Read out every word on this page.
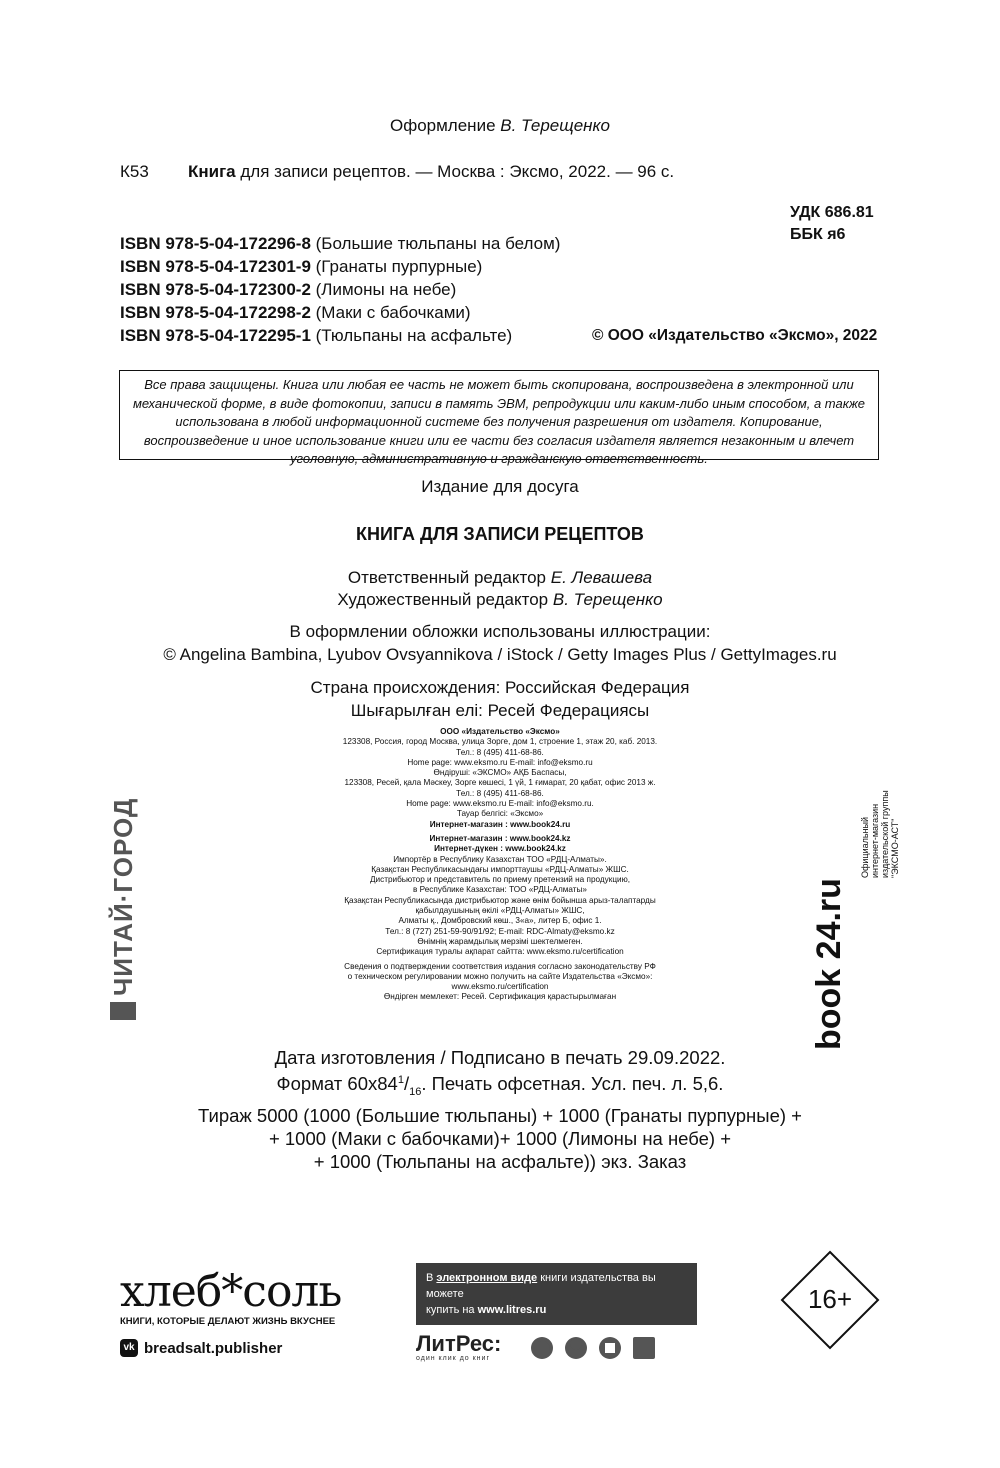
Оформление В. Терещенко
К53 Книга для записи рецептов. — Москва : Эксмо, 2022. — 96 с.
УДК 686.81
ББК я6
ISBN 978-5-04-172296-8 (Большие тюльпаны на белом)
ISBN 978-5-04-172301-9 (Гранаты пурпурные)
ISBN 978-5-04-172300-2 (Лимоны на небе)
ISBN 978-5-04-172298-2 (Маки с бабочками)
ISBN 978-5-04-172295-1 (Тюльпаны на асфальте)	© ООО «Издательство «Эксмо», 2022
Все права защищены. Книга или любая ее часть не может быть скопирована, воспроизведена в электронной или механической форме, в виде фотокопии, записи в память ЭВМ, репродукции или каким-либо иным способом, а также использована в любой информационной системе без получения разрешения от издателя. Копирование, воспроизведение и иное использование книги или ее части без согласия издателя является незаконным и влечет уголовную, административную и гражданскую ответственность.
Издание для досуга
КНИГА ДЛЯ ЗАПИСИ РЕЦЕПТОВ
Ответственный редактор Е. Левашева
Художественный редактор В. Терещенко
В оформлении обложки использованы иллюстрации:
© Angelina Bambina, Lyubov Ovsyannikova / iStock / Getty Images Plus / GettyImages.ru
Страна происхождения: Российская Федерация
Шығарылған елі: Ресей Федерациясы
ООО «Издательство «Эксмо»
123308, Россия, город Москва, улица Зорге, дом 1, строение 1, этаж 20, каб. 2013.
Тел.: 8 (495) 411-68-86.
Home page: www.eksmo.ru E-mail: info@eksmo.ru
Өндіруші: «ЭКСМО» АҚБ Баспасы,
123308, Ресей, қала Мәскеу, Зорге көшесі, 1 үй, 1 ғимарат, 20 қабат, офис 2013 ж.
Тел.: 8 (495) 411-68-86.
Home page: www.eksmo.ru E-mail: info@eksmo.ru.
Тауар белгісі: «Эксмо»
Интернет-магазин : www.book24.ru
Интернет-магазин : www.book24.kz
Интернет-дүкен : www.book24.kz
Импортёр в Республику Казахстан ТОО «РДЦ-Алматы».
Қазақстан Республикасындағы импорттаушы «РДЦ-Алматы» ЖШС.
Дистрибьютор и представитель по приему претензий на продукцию,
в Республике Казахстан: ТОО «РДЦ-Алматы»
Қазақстан Республикасында дистрибьютор және өнім бойынша арыз-талаптарды
қабылдаушының өкілі «РДЦ-Алматы» ЖШС,
Алматы қ., Домбровский көш., 3«а», литер Б, офис 1.
Тел.: 8 (727) 251-59-90/91/92; E-mail: RDC-Almaty@eksmo.kz
Өнімнің жарамдылық мерзімі шектелмеген.
Сертификация туралы ақпарат сайтта: www.eksmo.ru/certification
Сведения о подтверждении соответствия издания согласно законодательству РФ
о техническом регулировании можно получить на сайте Издательства «Эксмо»:
www.eksmo.ru/certification
Өндірген мемлекет: Ресей. Сертификация қарастырылмаған
ЧИТАЙ·ГОРОД	book 24.ru
Официальный интернет-магазин издательской группы "ЭКСМО-АСТ"
Дата изготовления / Подписано в печать 29.09.2022.
Формат $60х84^1/_{16}$. Печать офсетная. Усл. печ. л. 5,6.
Тираж 5000 (1000 (Большие тюльпаны) + 1000 (Гранаты пурпурные) +
+ 1000 (Маки с бабочками)+ 1000 (Лимоны на небе) +
+ 1000 (Тюльпаны на асфальте)) экз. Заказ
хлеб*соль
КНИГИ, КОТОРЫЕ ДЕЛАЮТ ЖИЗНЬ ВКУСНЕЕ
vk breadsalt.publisher
В электронном виде книги издательства вы можете
купить на www.litres.ru
ЛитРес:
один клик до книг
16+
